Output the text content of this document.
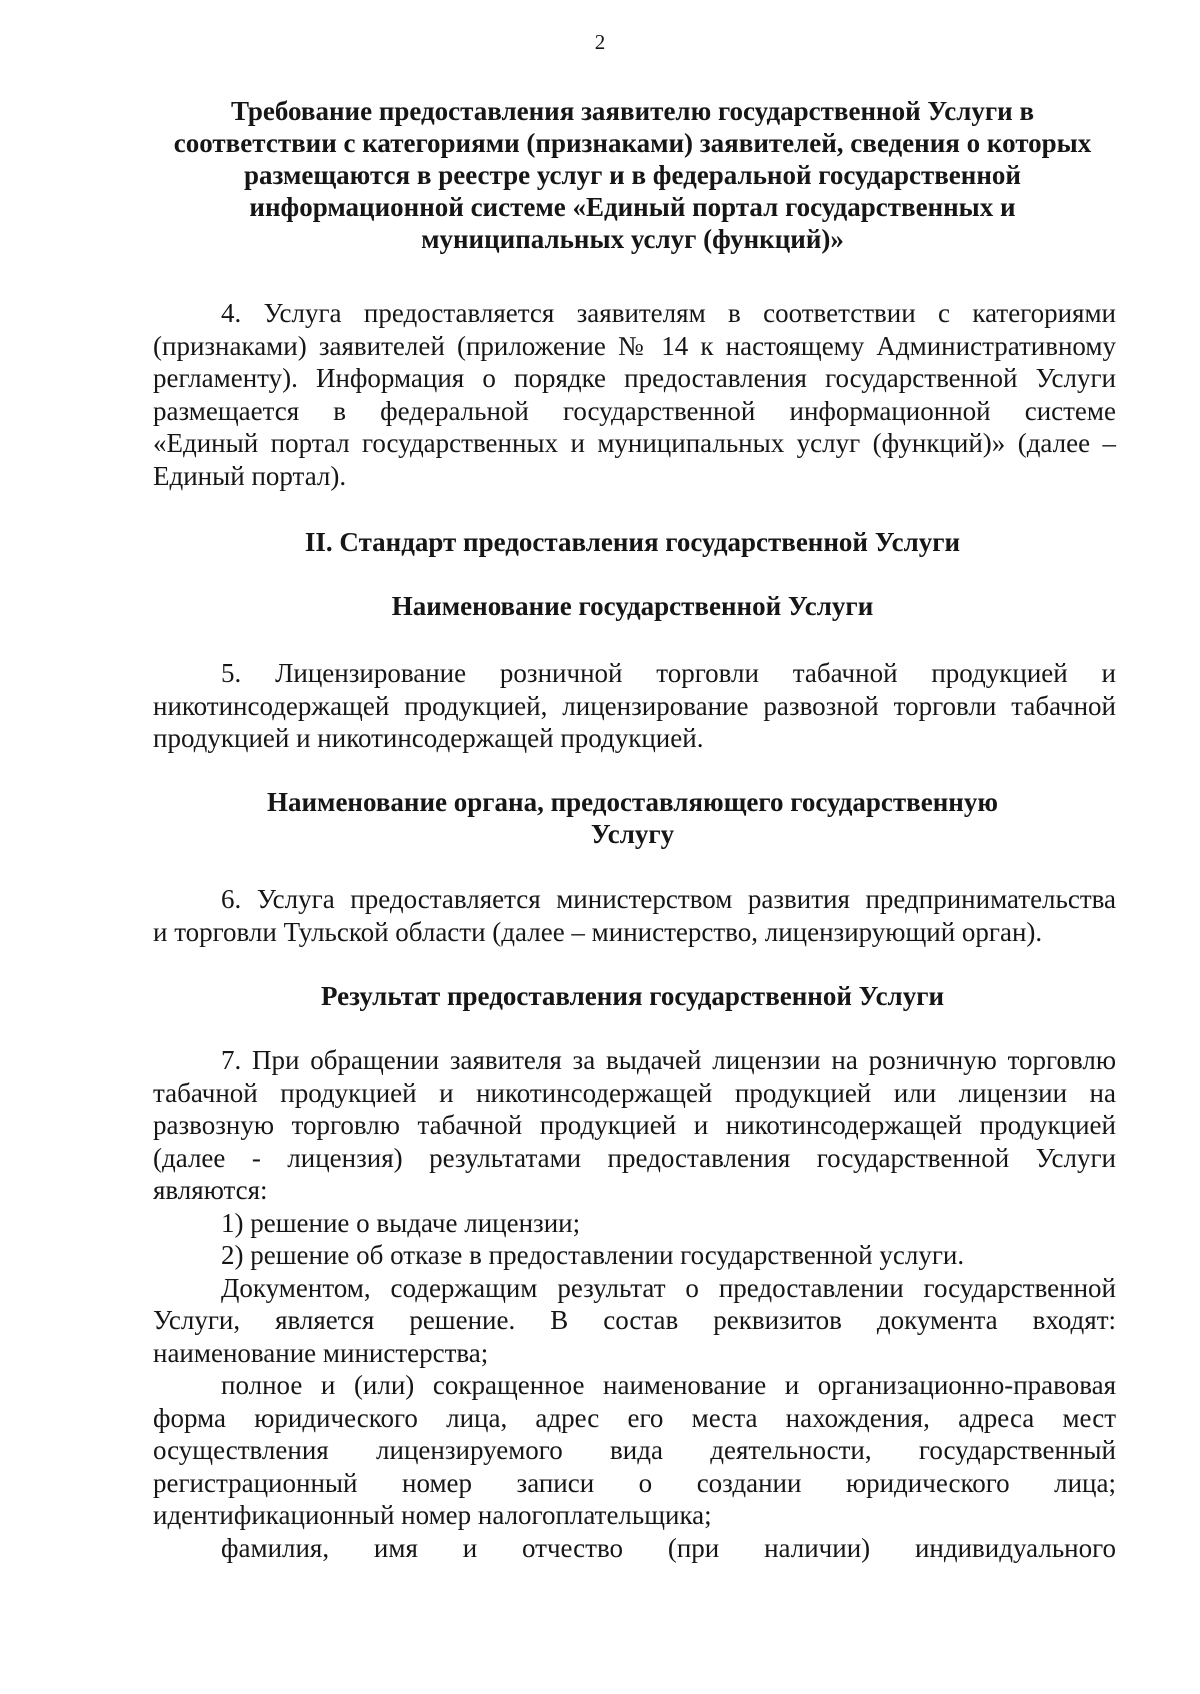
2
Требование предоставления заявителю государственной Услуги в соответствии с категориями (признаками) заявителей, сведения о которых размещаются в реестре услуг и в федеральной государственной информационной системе «Единый портал государственных и муниципальных услуг (функций)»

4. Услуга предоставляется заявителям в соответствии с категориями

(признаками) заявителей (приложение № 14 к настоящему Административному

регламенту). Информация о порядке предоставления государственной Услуги

размещается в федеральной государственной информационной системе

«Единый портал государственных и муниципальных услуг (функций)» (далее –

Единый портал).

II. Стандарт предоставления государственной Услуги
Наименование государственной Услуги

5. Лицензирование розничной торговли табачной продукцией и

никотинсодержащей продукцией, лицензирование развозной торговли табачной

продукцией и никотинсодержащей продукцией.

Наименование органа, предоставляющего государственную
Услугу

6. Услуга предоставляется министерством развития предпринимательства

и торговли Тульской области (далее – министерство, лицензирующий орган).

Результат предоставления государственной Услуги

7. При обращении заявителя за выдачей лицензии на розничную торговлю

табачной продукцией и никотинсодержащей продукцией или лицензии на

развозную торговлю табачной продукцией и никотинсодержащей продукцией

(далее - лицензия) результатами предоставления государственной Услуги

являются:

1) решение о выдаче лицензии;

2) решение об отказе в предоставлении государственной услуги.

Документом, содержащим результат о предоставлении государственной

Услуги, является решение. В состав реквизитов документа входят:

наименование министерства;

полное и (или) сокращенное наименование и организационно-правовая

форма юридического лица, адрес его места нахождения, адреса мест

осуществления лицензируемого вида деятельности, государственный

регистрационный номер записи о создании юридического лица;

идентификационный номер налогоплательщика;

фамилия, имя и отчество (при наличии) индивидуального
